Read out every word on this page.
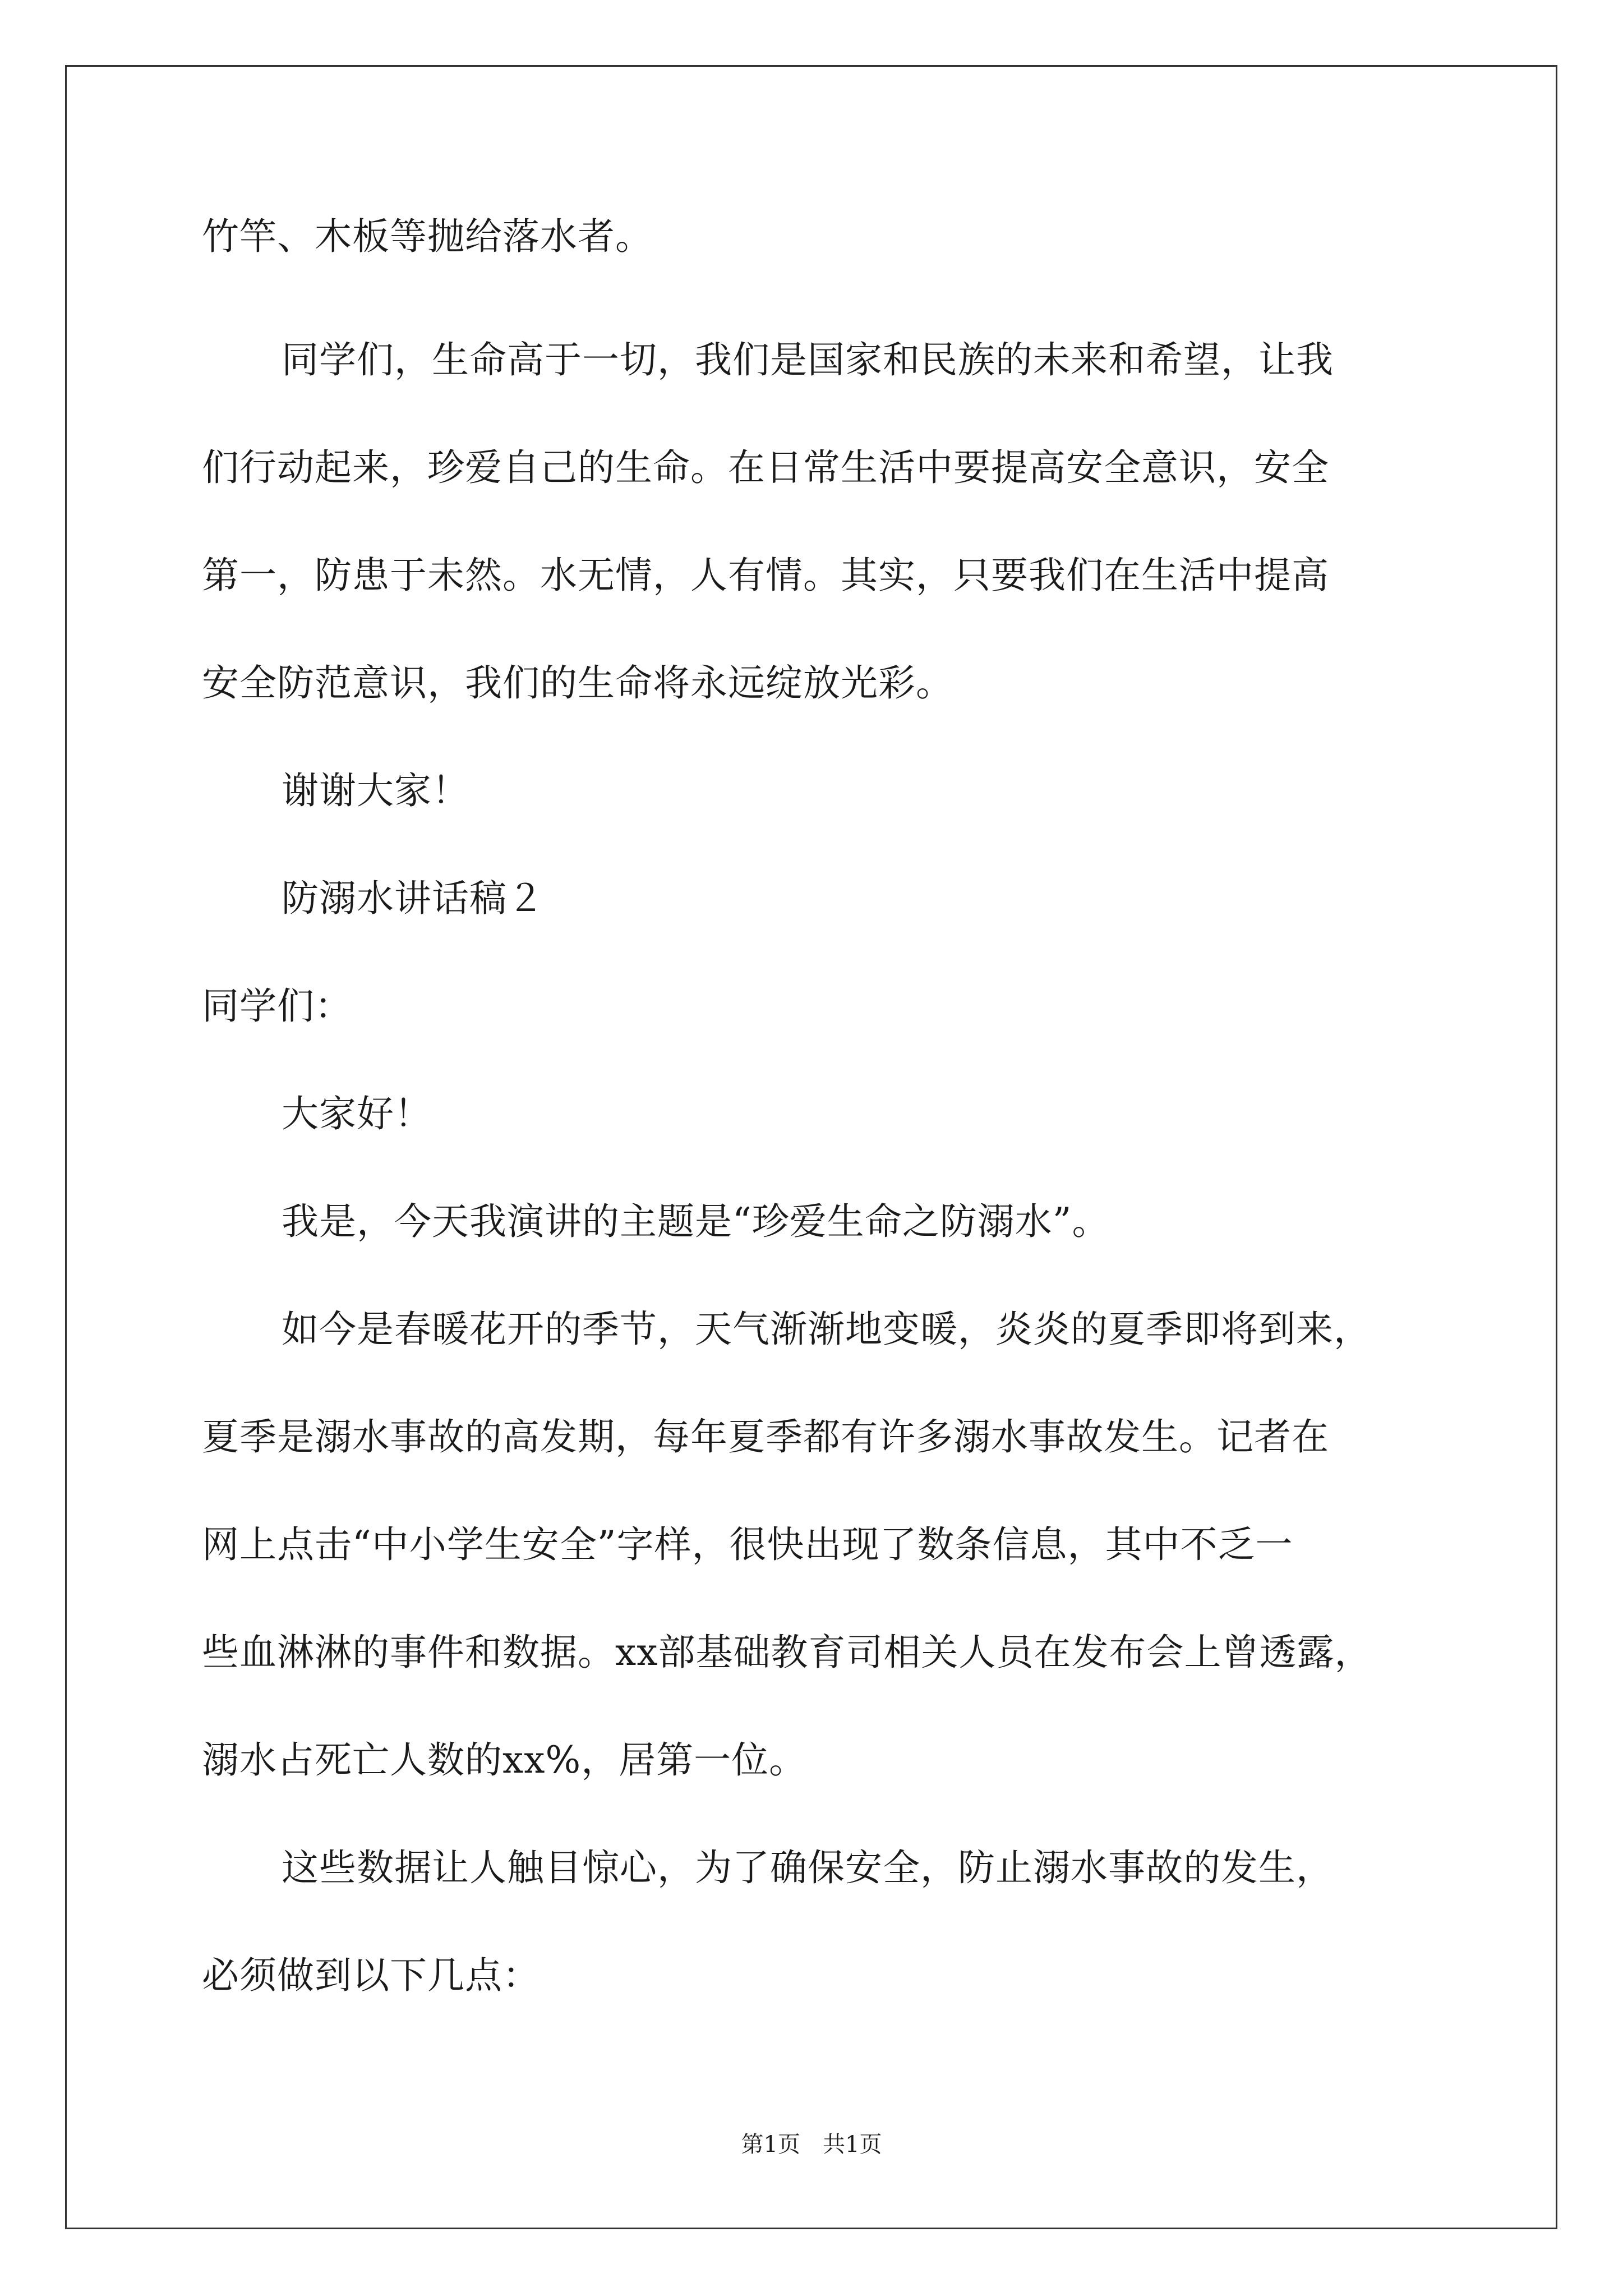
竹竿、木板等抛给落水者。
同学们，生命高于一切，我们是国家和民族的未来和希望，让我
们行动起来，珍爱自己的生命。在日常生活中要提高安全意识，安全
第一，防患于未然。水无情，人有情。其实，只要我们在生活中提高
安全防范意识，我们的生命将永远绽放光彩。
谢谢大家！
防溺水讲话稿２
同学们：
大家好！
我是，今天我演讲的主题是“珍爱生命之防溺水”。
如今是春暖花开的季节，天气渐渐地变暖，炎炎的夏季即将到来，
夏季是溺水事故的高发期，每年夏季都有许多溺水事故发生。记者在
网上点击“中小学生安全”字样，很快出现了数条信息，其中不乏一
些血淋淋的事件和数据。xx部基础教育司相关人员在发布会上曾透露，
溺水占死亡人数的xx%，居第一位。
这些数据让人触目惊心，为了确保安全，防止溺水事故的发生，
必须做到以下几点：
第1页　共1页
